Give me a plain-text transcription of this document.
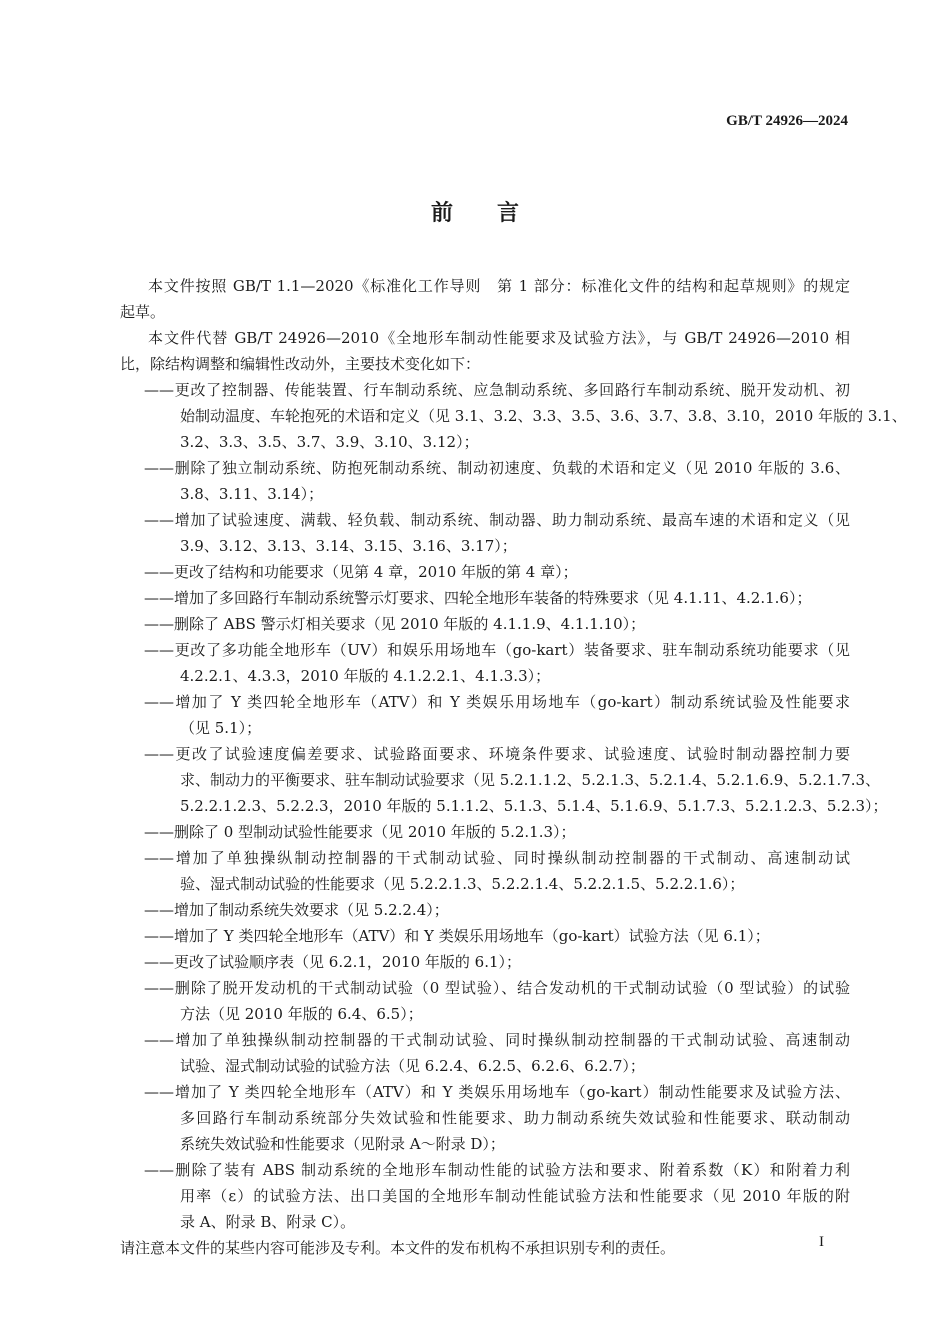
GB/T 24926—2024
前言
本文件按照 GB/T 1.1—2020《标准化工作导则　第 1 部分：标准化文件的结构和起草规则》的规定
起草。
本文件代替 GB/T 24926—2010《全地形车制动性能要求及试验方法》，与 GB/T 24926—2010 相
比，除结构调整和编辑性改动外，主要技术变化如下：
——更改了控制器、传能装置、行车制动系统、应急制动系统、多回路行车制动系统、脱开发动机、初
始制动温度、车轮抱死的术语和定义（见 3.1、3.2、3.3、3.5、3.6、3.7、3.8、3.10，2010 年版的 3.1、
3.2、3.3、3.5、3.7、3.9、3.10、3.12）；
——删除了独立制动系统、防抱死制动系统、制动初速度、负载的术语和定义（见 2010 年版的 3.6、
3.8、3.11、3.14）；
——增加了试验速度、满载、轻负载、制动系统、制动器、助力制动系统、最高车速的术语和定义（见
3.9、3.12、3.13、3.14、3.15、3.16、3.17）；
——更改了结构和功能要求（见第 4 章，2010 年版的第 4 章）；
——增加了多回路行车制动系统警示灯要求、四轮全地形车装备的特殊要求（见 4.1.11、4.2.1.6）；
——删除了 ABS 警示灯相关要求（见 2010 年版的 4.1.1.9、4.1.1.10）；
——更改了多功能全地形车（UV）和娱乐用场地车（go-kart）装备要求、驻车制动系统功能要求（见
4.2.2.1、4.3.3，2010 年版的 4.1.2.2.1、4.1.3.3）；
——增加了 Y 类四轮全地形车（ATV）和 Y 类娱乐用场地车（go-kart）制动系统试验及性能要求
（见 5.1）；
——更改了试验速度偏差要求、试验路面要求、环境条件要求、试验速度、试验时制动器控制力要
求、制动力的平衡要求、驻车制动试验要求（见 5.2.1.1.2、5.2.1.3、5.2.1.4、5.2.1.6.9、5.2.1.7.3、
5.2.2.1.2.3、5.2.2.3，2010 年版的 5.1.1.2、5.1.3、5.1.4、5.1.6.9、5.1.7.3、5.2.1.2.3、5.2.3）；
——删除了 0 型制动试验性能要求（见 2010 年版的 5.2.1.3）；
——增加了单独操纵制动控制器的干式制动试验、同时操纵制动控制器的干式制动、高速制动试
验、湿式制动试验的性能要求（见 5.2.2.1.3、5.2.2.1.4、5.2.2.1.5、5.2.2.1.6）；
——增加了制动系统失效要求（见 5.2.2.4）；
——增加了 Y 类四轮全地形车（ATV）和 Y 类娱乐用场地车（go-kart）试验方法（见 6.1）；
——更改了试验顺序表（见 6.2.1，2010 年版的 6.1）；
——删除了脱开发动机的干式制动试验（0 型试验）、结合发动机的干式制动试验（0 型试验）的试验
方法（见 2010 年版的 6.4、6.5）；
——增加了单独操纵制动控制器的干式制动试验、同时操纵制动控制器的干式制动试验、高速制动
试验、湿式制动试验的试验方法（见 6.2.4、6.2.5、6.2.6、6.2.7）；
——增加了 Y 类四轮全地形车（ATV）和 Y 类娱乐用场地车（go-kart）制动性能要求及试验方法、
多回路行车制动系统部分失效试验和性能要求、助力制动系统失效试验和性能要求、联动制动
系统失效试验和性能要求（见附录 A～附录 D）；
——删除了装有 ABS 制动系统的全地形车制动性能的试验方法和要求、附着系数（K）和附着力利
用率（ε）的试验方法、出口美国的全地形车制动性能试验方法和性能要求（见 2010 年版的附
录 A、附录 B、附录 C）。
请注意本文件的某些内容可能涉及专利。本文件的发布机构不承担识别专利的责任。	I
